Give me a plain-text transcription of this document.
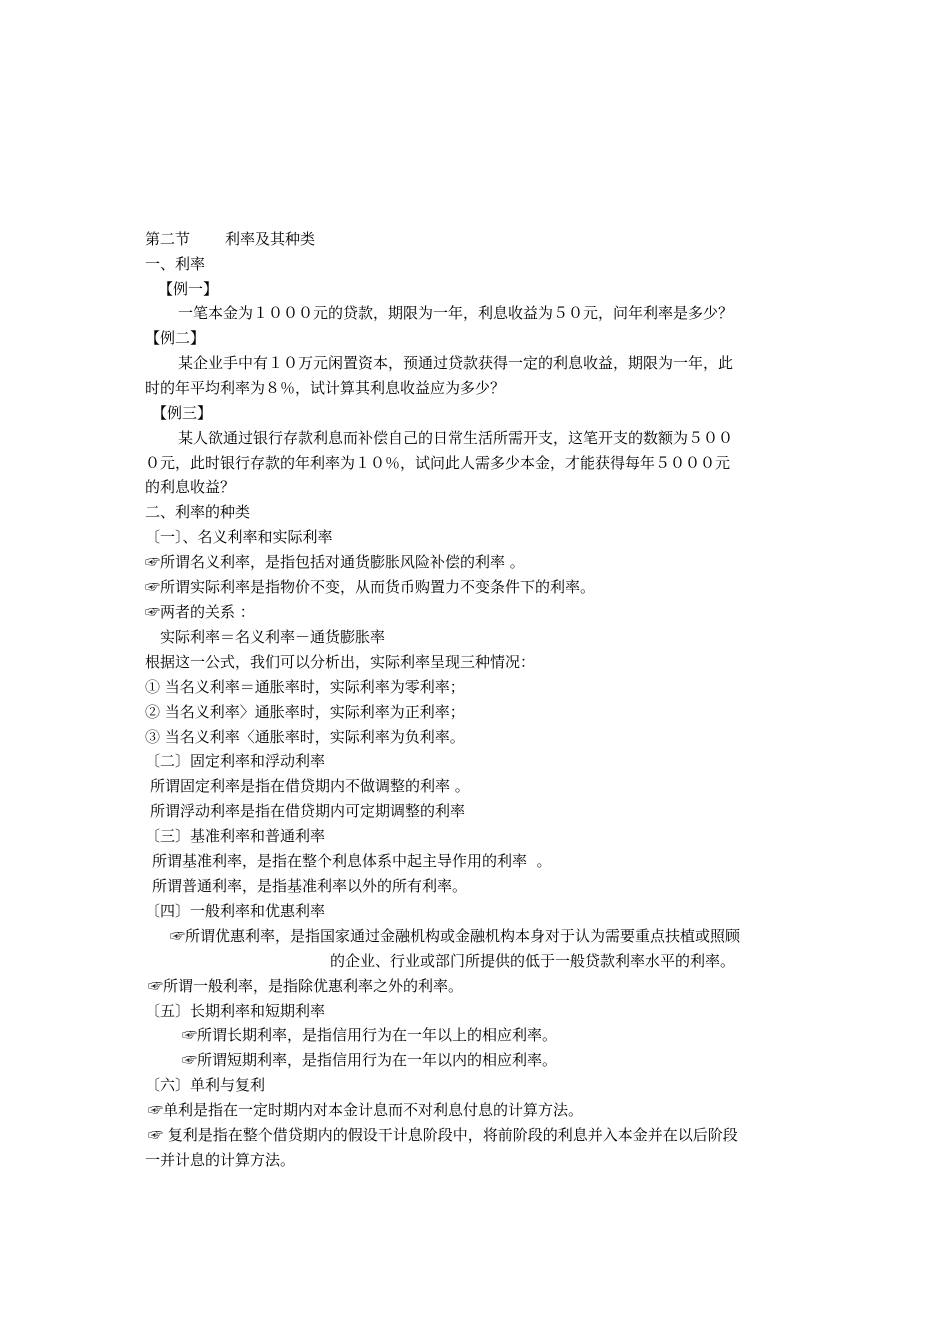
第二节 利率及其种类
一、利率
【例一】
一笔本金为１０００元的贷款，期限为一年，利息收益为５０元，问年利率是多少？
【例二】
某企业手中有１０万元闲置资本，预通过贷款获得一定的利息收益，期限为一年，此
时的年平均利率为８％，试计算其利息收益应为多少？
【例三】
某人欲通过银行存款利息而补偿自己的日常生活所需开支，这笔开支的数额为５００
０元，此时银行存款的年利率为１０％，试问此人需多少本金，才能获得每年５０００元
的利息收益？
二、利率的种类
〔一〕、名义利率和实际利率
☞所谓名义利率，是指包括对通货膨胀风险补偿的利率 。
☞所谓实际利率是指物价不变，从而货币购置力不变条件下的利率。
☞两者的关系 ：
实际利率＝名义利率－通货膨胀率
根据这一公式，我们可以分析出，实际利率呈现三种情况：
① 当名义利率＝通胀率时，实际利率为零利率；
② 当名义利率〉通胀率时，实际利率为正利率；
③ 当名义利率〈通胀率时，实际利率为负利率。
〔二〕固定利率和浮动利率
所谓固定利率是指在借贷期内不做调整的利率 。
所谓浮动利率是指在借贷期内可定期调整的利率
〔三〕基准利率和普通利率
所谓基准利率，是指在整个利息体系中起主导作用的利率  。
所谓普通利率，是指基准利率以外的所有利率。
〔四〕一般利率和优惠利率
☞所谓优惠利率，是指国家通过金融机构或金融机构本身对于认为需要重点扶植或照顾
的企业、行业或部门所提供的低于一般贷款利率水平的利率。
☞所谓一般利率，是指除优惠利率之外的利率。
〔五〕长期利率和短期利率
☞所谓长期利率，是指信用行为在一年以上的相应利率。
☞所谓短期利率，是指信用行为在一年以内的相应利率。
〔六〕单利与复利
☞单利是指在一定时期内对本金计息而不对利息付息的计算方法。
☞ 复利是指在整个借贷期内的假设干计息阶段中，将前阶段的利息并入本金并在以后阶段
一并计息的计算方法。
